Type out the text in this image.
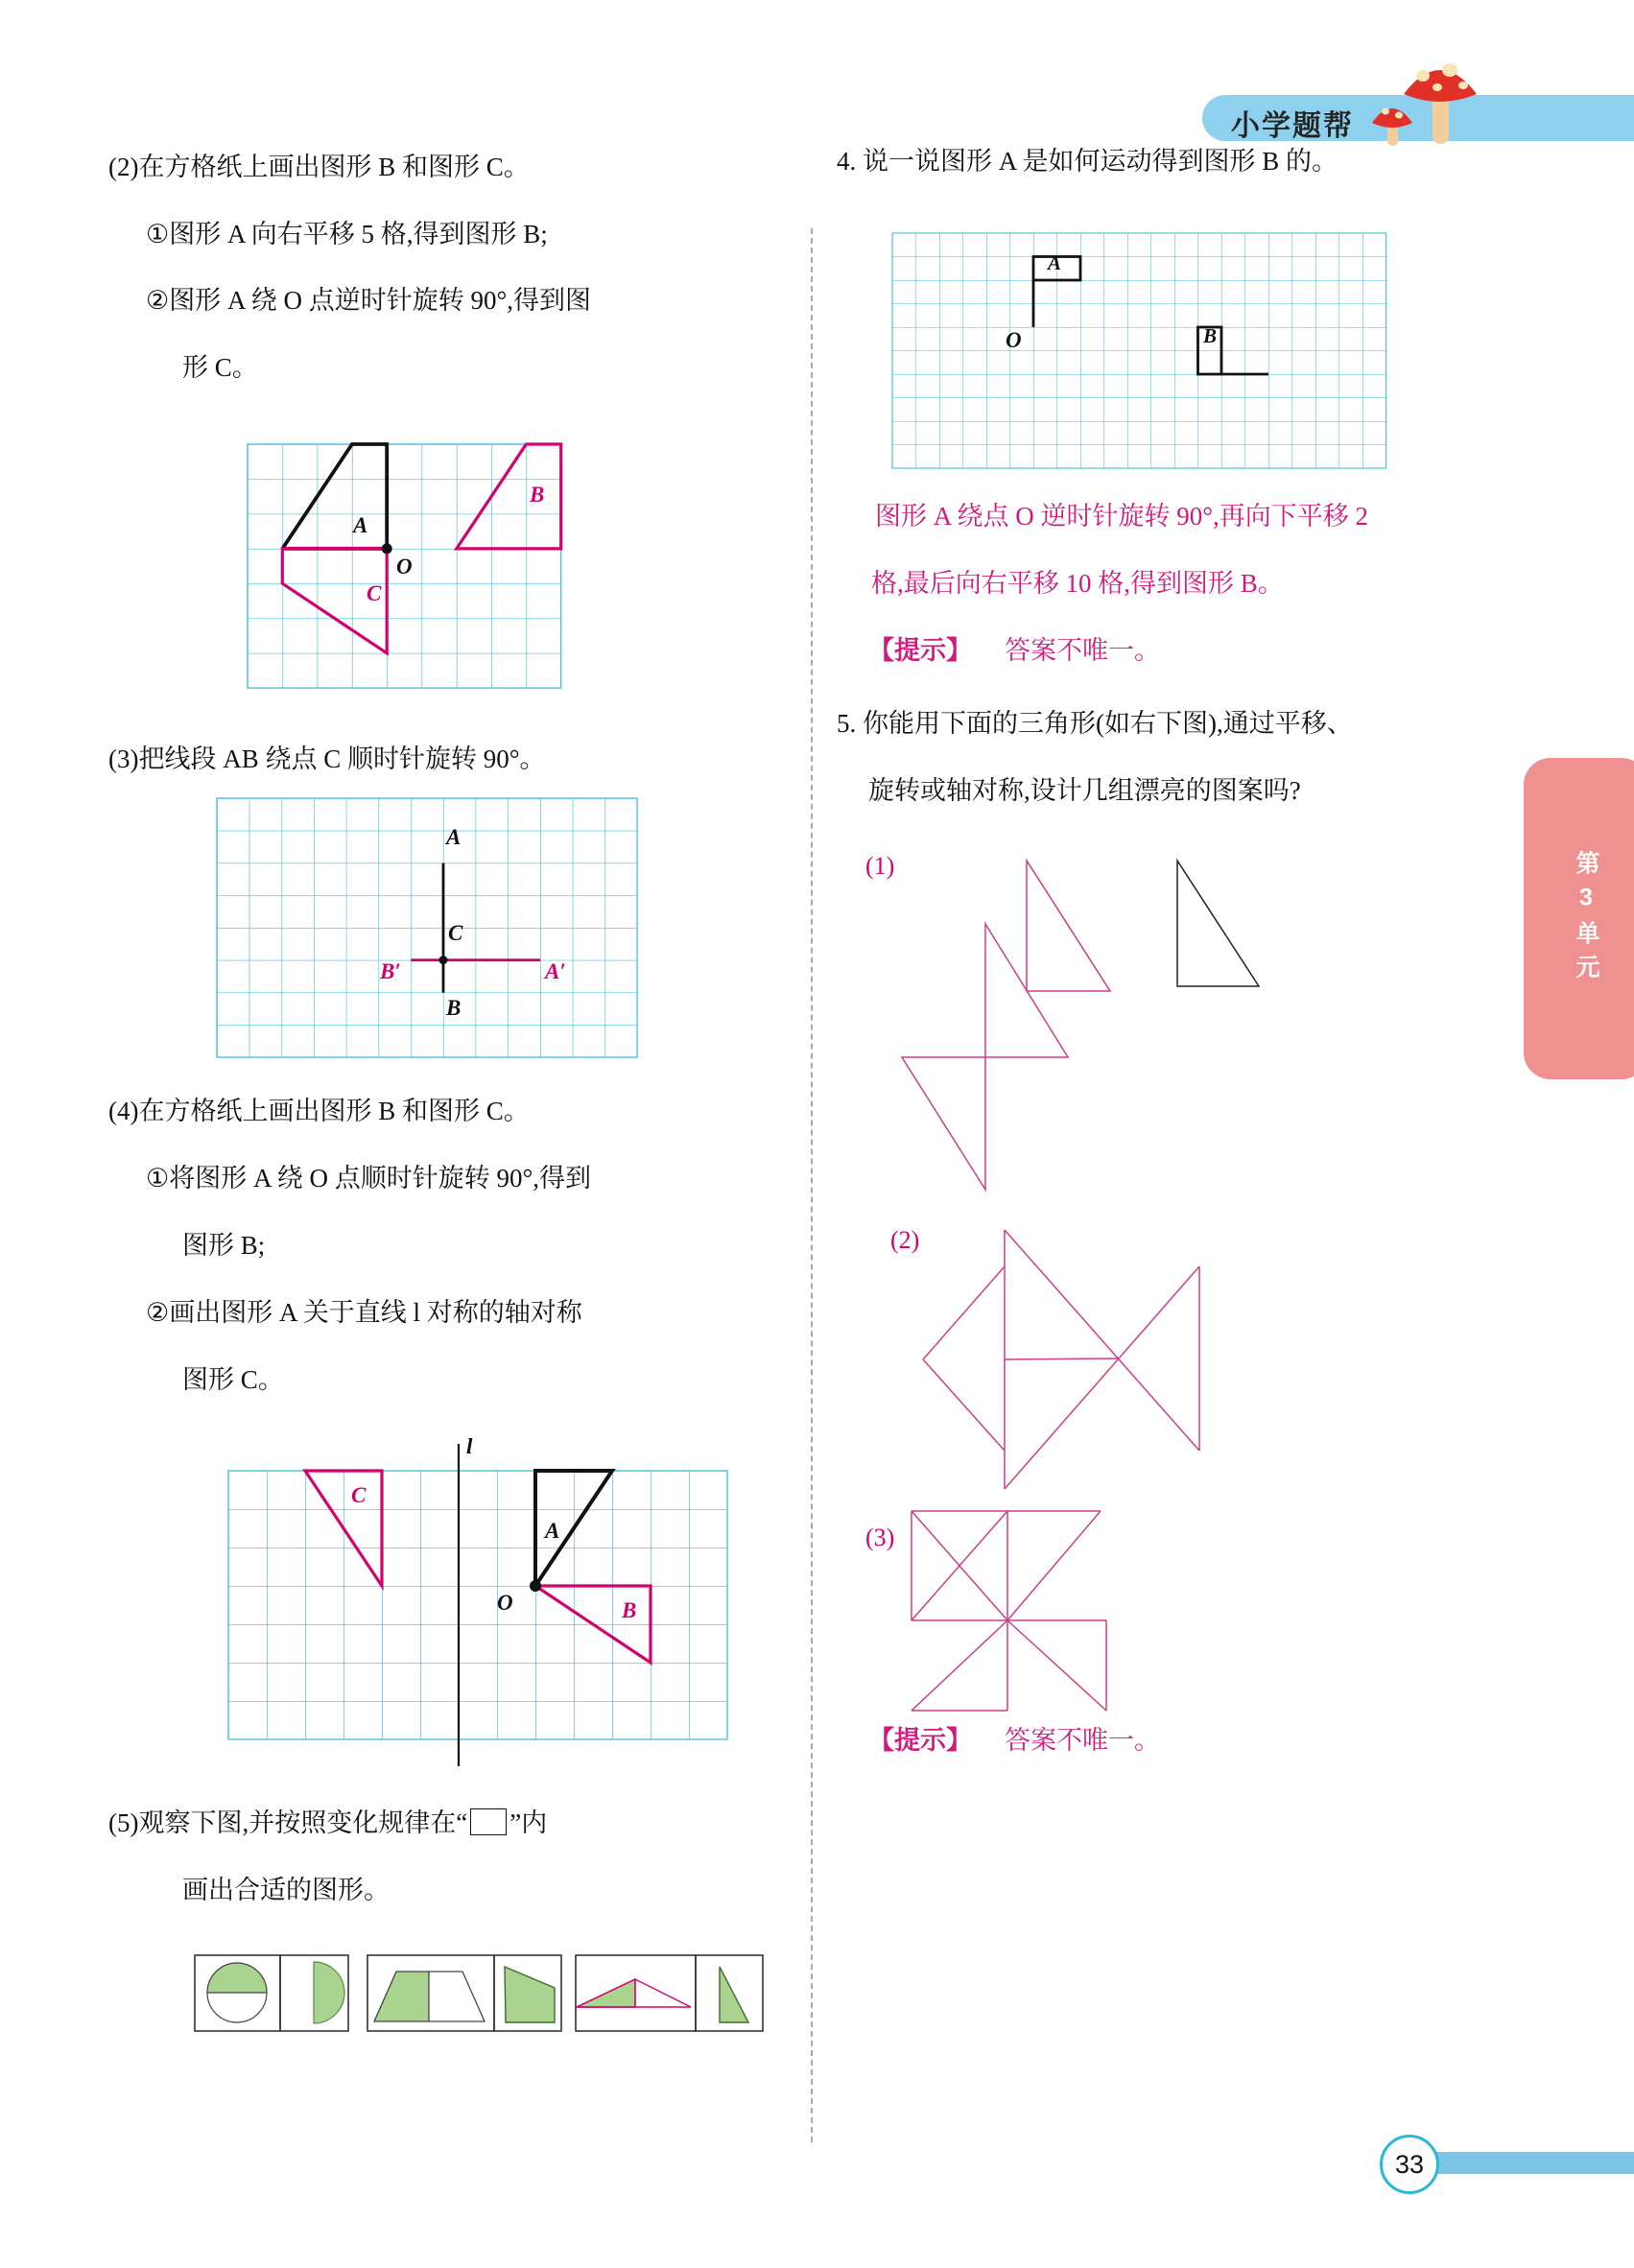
小学题帮
第3单元
(2)在方格纸上画出图形 B 和图形 C。
①图形 A 向右平移 5 格,得到图形 B;
②图形 A 绕 O 点逆时针旋转 90°,得到图
形 C。
A
B
C
O
(3)把线段 AB 绕点 C 顺时针旋转 90°。
A
C
B
B′	A′
(4)在方格纸上画出图形 B 和图形 C。
①将图形 A 绕 O 点顺时针旋转 90°,得到
图形 B;
②画出图形 A 关于直线 l 对称的轴对称
图形 C。
l
C
A
B
O
(5)观察下图,并按照变化规律在“ ”内
画出合适的图形。
4. 说一说图形 A 是如何运动得到图形 B 的。
A
B
O
图形 A 绕点 O 逆时针旋转 90°,再向下平移 2
格,最后向右平移 10 格,得到图形 B。
【提示】 答案不唯一。
5. 你能用下面的三角形(如右下图),通过平移、
旋转或轴对称,设计几组漂亮的图案吗?
(1)
(2)
(3)
【提示】 答案不唯一。
33
